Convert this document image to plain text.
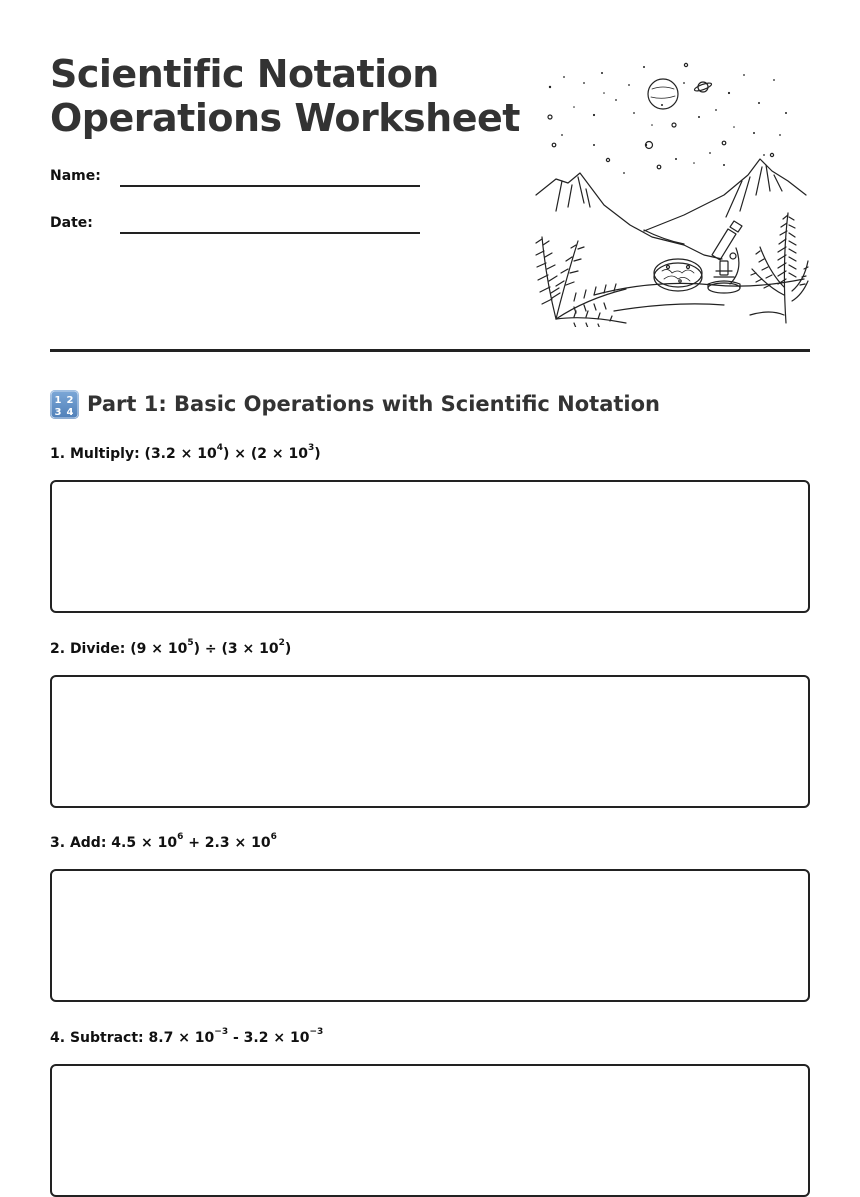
Scientific Notation
Operations Worksheet
Name:
Date:
1 2
3 4 Part 1: Basic Operations with Scientific Notation
1. Multiply: $(3.2 \times 10^4) \times (2 \times 10^3)$
2. Divide: $(9 \times 10^5) \div (3 \times 10^2)$
3. Add: $4.5 \times 10^6 + 2.3 \times 10^6$
4. Subtract: $8.7 \times 10^{-3} - 3.2 \times 10^{-3}$
